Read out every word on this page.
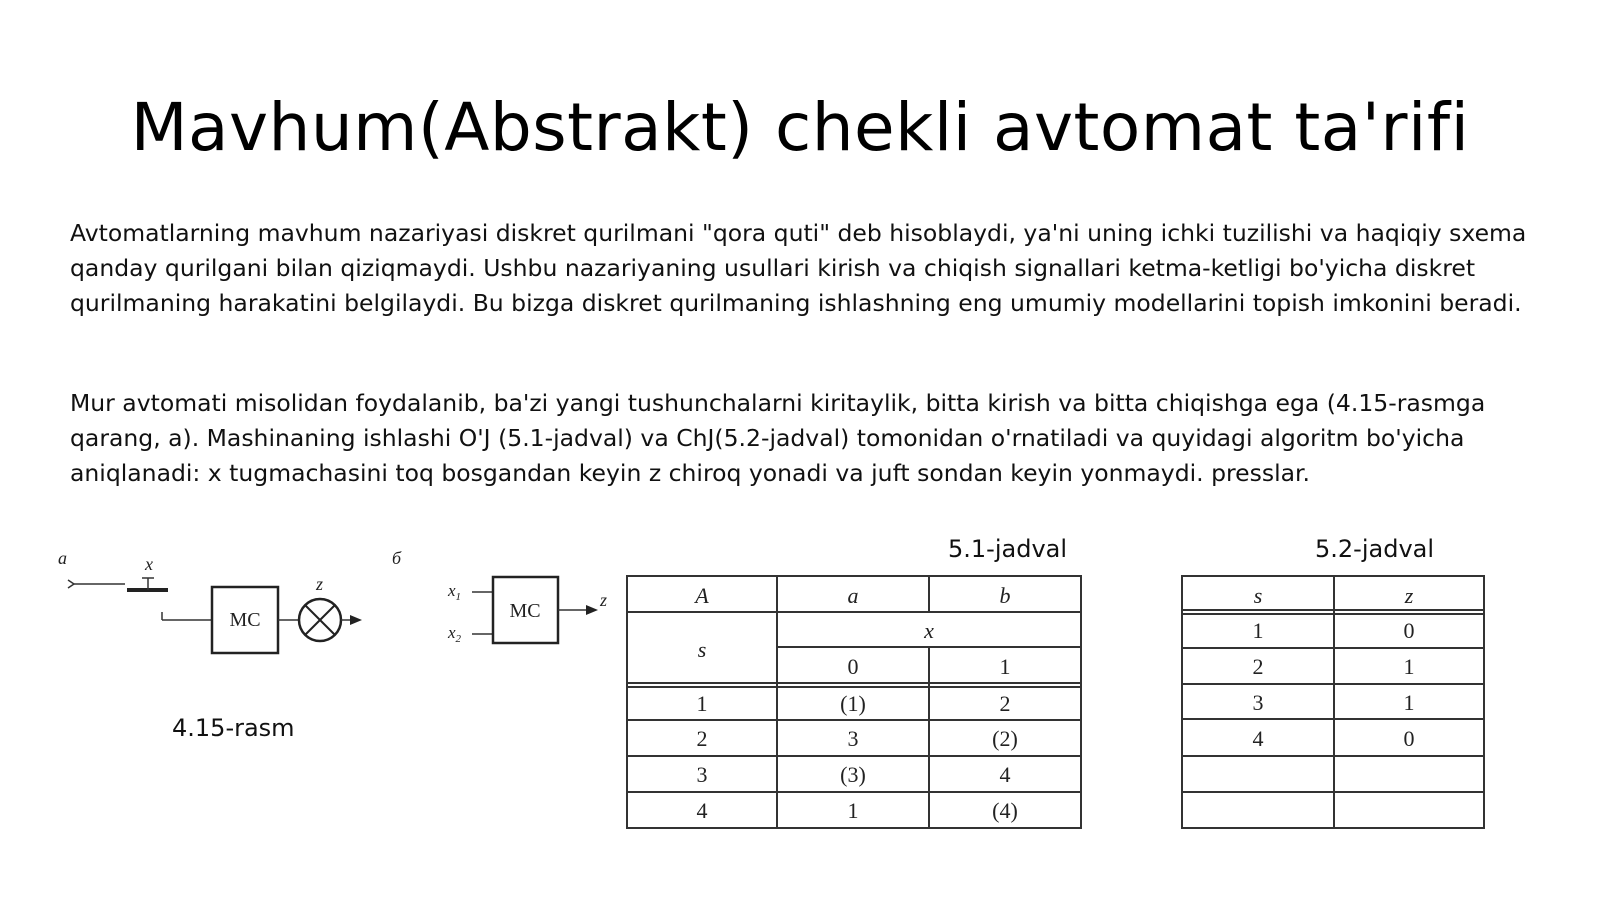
Mavhum(Abstrakt) chekli avtomat ta'rifi
Avtomatlarning mavhum nazariyasi diskret qurilmani "qora quti" deb hisoblaydi, ya'ni uning ichki tuzilishi va haqiqiy sxema qanday qurilgani bilan qiziqmaydi. Ushbu nazariyaning usullari kirish va chiqish signallari ketma-ketligi bo'yicha diskret qurilmaning harakatini belgilaydi. Bu bizga diskret qurilmaning ishlashning eng umumiy modellarini topish imkonini beradi.
Mur avtomati misolidan foydalanib, ba'zi yangi tushunchalarni kiritaylik, bitta kirish va bitta chiqishga ega (4.15-rasmga qarang, a). Mashinaning ishlashi O'J (5.1-jadval) va ChJ(5.2-jadval) tomonidan o'rnatiladi va quyidagi algoritm bo'yicha aniqlanadi: x tugmachasini toq bosgandan keyin z chiroq yonadi va juft sondan keyin yonmaydi. presslar.
a	x
MC
z
б
$x_1$
$x_2$
MC	z
4.15-rasm
5.1-jadval
A	a	b
s
x
0	1
1	(1)	2
2	3	(2)
3	(3)	4
4	1	(4)
5.2-jadval
s	z
1	0
2	1
3	1
4	0
